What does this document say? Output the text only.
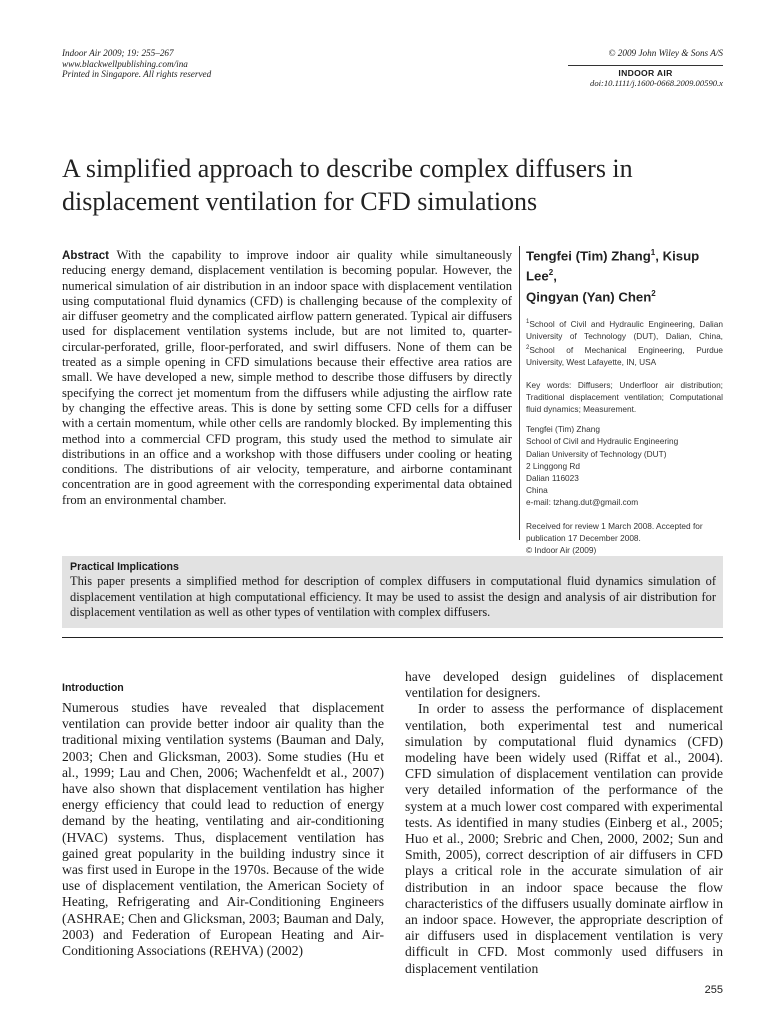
Indoor Air 2009; 19: 255–267
www.blackwellpublishing.com/ina
Printed in Singapore. All rights reserved
© 2009 John Wiley & Sons A/S
INDOOR AIR
doi:10.1111/j.1600-0668.2009.00590.x
A simplified approach to describe complex diffusers in displacement ventilation for CFD simulations
Abstract With the capability to improve indoor air quality while simultaneously reducing energy demand, displacement ventilation is becoming popular. However, the numerical simulation of air distribution in an indoor space with displacement ventilation using computational fluid dynamics (CFD) is challenging because of the complexity of air diffuser geometry and the complicated airflow pattern generated. Typical air diffusers used for displacement ventilation systems include, but are not limited to, quarter-circular-perforated, grille, floor-perforated, and swirl diffusers. None of them can be treated as a simple opening in CFD simulations because their effective area ratios are small. We have developed a new, simple method to describe those diffusers by directly specifying the correct jet momentum from the diffusers while adjusting the airflow rate by changing the effective areas. This is done by setting some CFD cells for a diffuser with a certain momentum, while other cells are randomly blocked. By implementing this method into a commercial CFD program, this study used the method to simulate air distributions in an office and a workshop with those diffusers under cooling or heating conditions. The distributions of air velocity, temperature, and airborne contaminant concentration are in good agreement with the corresponding experimental data obtained from an environmental chamber.
Tengfei (Tim) Zhang$^1$, Kisup Lee$^2$,
Qingyan (Yan) Chen$^2$
$^1$School of Civil and Hydraulic Engineering, Dalian University of Technology (DUT), Dalian, China, $^2$School of Mechanical Engineering, Purdue University, West Lafayette, IN, USA
Key words: Diffusers; Underfloor air distribution; Traditional displacement ventilation; Computational fluid dynamics; Measurement.
Tengfei (Tim) Zhang
School of Civil and Hydraulic Engineering
Dalian University of Technology (DUT)
2 Linggong Rd
Dalian 116023
China
e-mail: tzhang.dut@gmail.com
Received for review 1 March 2008. Accepted for publication 17 December 2008.
© Indoor Air (2009)
Practical Implications
This paper presents a simplified method for description of complex diffusers in computational fluid dynamics simulation of displacement ventilation at high computational efficiency. It may be used to assist the design and analysis of air distribution for displacement ventilation as well as other types of ventilation with complex diffusers.
Introduction
Numerous studies have revealed that displacement ventilation can provide better indoor air quality than the traditional mixing ventilation systems (Bauman and Daly, 2003; Chen and Glicksman, 2003). Some studies (Hu et al., 1999; Lau and Chen, 2006; Wachenfeldt et al., 2007) have also shown that displacement ventilation has higher energy efficiency that could lead to reduction of energy demand by the heating, ventilating and air-conditioning (HVAC) systems. Thus, displacement ventilation has gained great popularity in the building industry since it was first used in Europe in the 1970s. Because of the wide use of displacement ventilation, the American Society of Heating, Refrigerating and Air-Conditioning Engineers (ASHRAE; Chen and Glicksman, 2003; Bauman and Daly, 2003) and Federation of European Heating and Air-Conditioning Associations (REHVA) (2002)
have developed design guidelines of displacement ventilation for designers.
In order to assess the performance of displacement ventilation, both experimental test and numerical simulation by computational fluid dynamics (CFD) modeling have been widely used (Riffat et al., 2004). CFD simulation of displacement ventilation can provide very detailed information of the performance of the system at a much lower cost compared with experimental tests. As identified in many studies (Einberg et al., 2005; Huo et al., 2000; Srebric and Chen, 2000, 2002; Sun and Smith, 2005), correct description of air diffusers in CFD plays a critical role in the accurate simulation of air distribution in an indoor space because the flow characteristics of the diffusers usually dominate airflow in an indoor space. However, the appropriate description of air diffusers used in displacement ventilation is very difficult in CFD. Most commonly used diffusers in displacement ventilation
255
